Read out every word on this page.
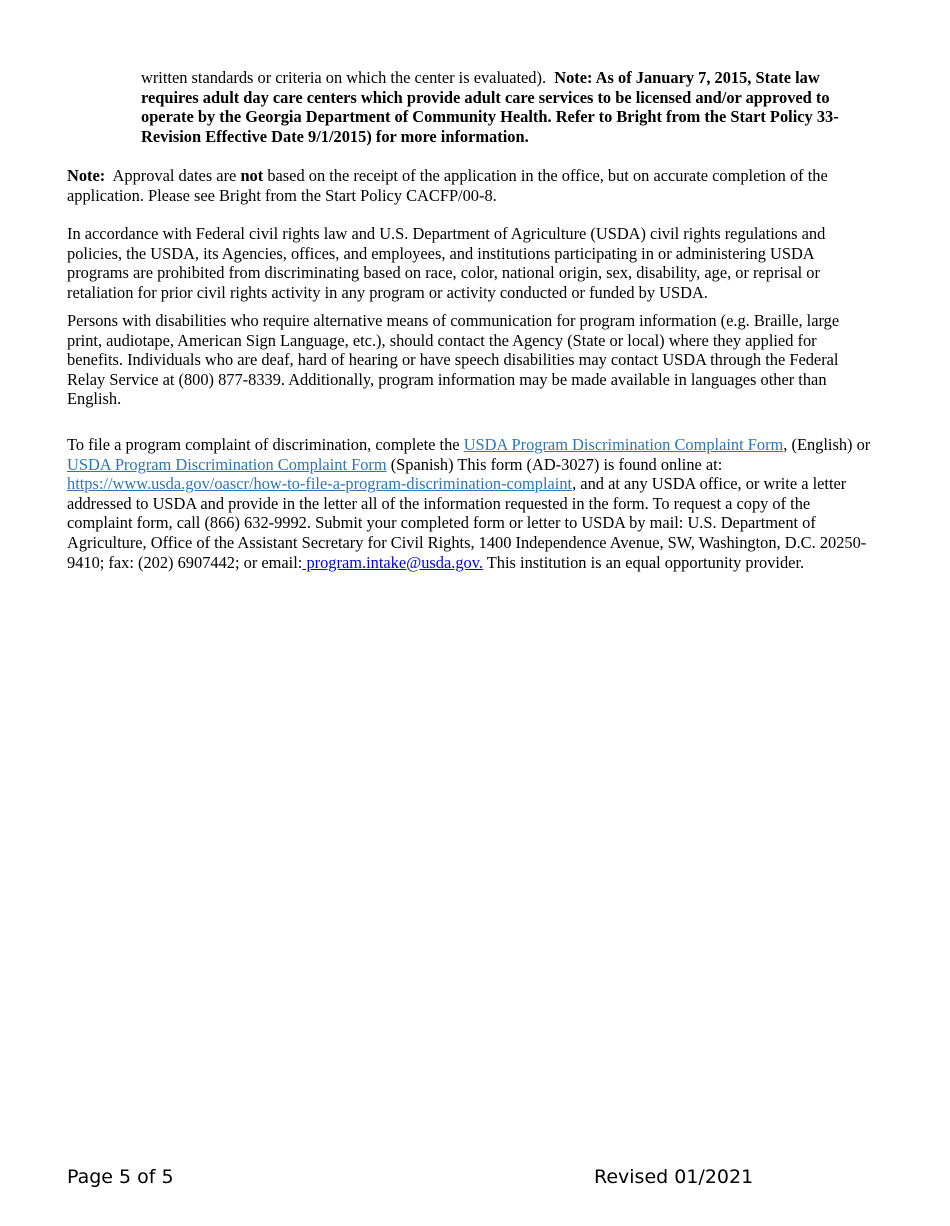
written standards or criteria on which the center is evaluated). Note: As of January 7, 2015, State law requires adult day care centers which provide adult care services to be licensed and/or approved to operate by the Georgia Department of Community Health. Refer to Bright from the Start Policy 33-Revision Effective Date 9/1/2015) for more information.

Note: Approval dates are not based on the receipt of the application in the office, but on accurate completion of the application. Please see Bright from the Start Policy CACFP/00-8.

In accordance with Federal civil rights law and U.S. Department of Agriculture (USDA) civil rights regulations and policies, the USDA, its Agencies, offices, and employees, and institutions participating in or administering USDA programs are prohibited from discriminating based on race, color, national origin, sex, disability, age, or reprisal or retaliation for prior civil rights activity in any program or activity conducted or funded by USDA.

Persons with disabilities who require alternative means of communication for program information (e.g. Braille, large print, audiotape, American Sign Language, etc.), should contact the Agency (State or local) where they applied for benefits. Individuals who are deaf, hard of hearing or have speech disabilities may contact USDA through the Federal Relay Service at (800) 877-8339. Additionally, program information may be made available in languages other than English.

To file a program complaint of discrimination, complete the USDA Program Discrimination Complaint Form, (English) or USDA Program Discrimination Complaint Form (Spanish) This form (AD-3027) is found online at: https://www.usda.gov/oascr/how-to-file-a-program-discrimination-complaint, and at any USDA office, or write a letter addressed to USDA and provide in the letter all of the information requested in the form. To request a copy of the complaint form, call (866) 632-9992. Submit your completed form or letter to USDA by mail: U.S. Department of Agriculture, Office of the Assistant Secretary for Civil Rights, 1400 Independence Avenue, SW, Washington, D.C. 20250-9410; fax: (202) 6907442; or email: program.intake@usda.gov. This institution is an equal opportunity provider.

Page 5 of 5	Revised 01/2021
